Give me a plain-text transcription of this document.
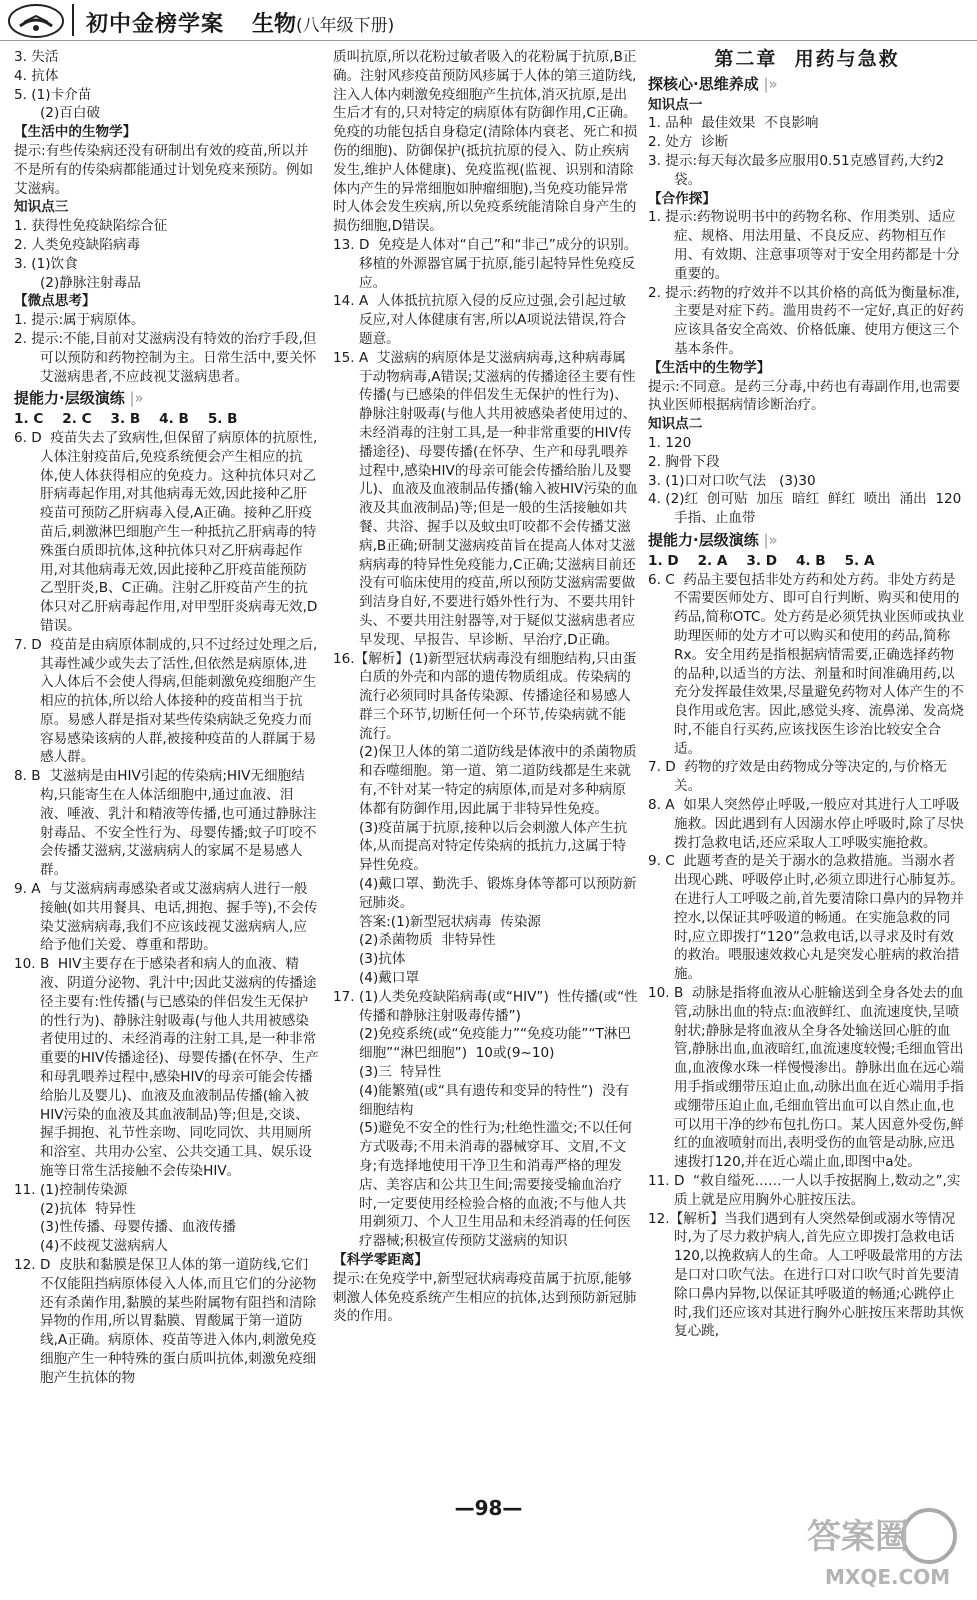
初中金榜学案 生物(八年级下册)
3. 失活
4. 抗体
5. (1)卡介苗
(2)百白破
【生活中的生物学】
提示:有些传染病还没有研制出有效的疫苗,所以并不是所有的传染病都能通过计划免疫来预防。例如艾滋病。
知识点三
1. 获得性免疫缺陷综合征
2. 人类免疫缺陷病毒
3. (1)饮食
(2)静脉注射毒品
【微点思考】
1. 提示:属于病原体。
2. 提示:不能,目前对艾滋病没有特效的治疗手段,但可以预防和药物控制为主。日常生活中,要关怀艾滋病患者,不应歧视艾滋病患者。
提能力·层级演练 |»
1. C    2. C    3. B    4. B    5. B
6. D  疫苗失去了致病性,但保留了病原体的抗原性,人体注射疫苗后,免疫系统便会产生相应的抗体,使人体获得相应的免疫力。这种抗体只对乙肝病毒起作用,对其他病毒无效,因此接种乙肝疫苗可预防乙肝病毒入侵,A正确。接种乙肝疫苗后,刺激淋巴细胞产生一种抵抗乙肝病毒的特殊蛋白质即抗体,这种抗体只对乙肝病毒起作用,对其他病毒无效,因此接种乙肝疫苗能预防乙型肝炎,B、C正确。注射乙肝疫苗产生的抗体只对乙肝病毒起作用,对甲型肝炎病毒无效,D错误。
7. D  疫苗是由病原体制成的,只不过经过处理之后,其毒性减少或失去了活性,但依然是病原体,进入人体后不会使人得病,但能刺激免疫细胞产生相应的抗体,所以给人体接种的疫苗相当于抗原。易感人群是指对某些传染病缺乏免疫力而容易感染该病的人群,被接种疫苗的人群属于易感人群。
8. B  艾滋病是由HIV引起的传染病;HIV无细胞结构,只能寄生在人体活细胞中,通过血液、泪液、唾液、乳汁和精液等传播,也可通过静脉注射毒品、不安全性行为、母婴传播;蚊子叮咬不会传播艾滋病,艾滋病病人的家属不是易感人群。
9. A  与艾滋病病毒感染者或艾滋病病人进行一般接触(如共用餐具、电话,拥抱、握手等),不会传染艾滋病病毒,我们不应该歧视艾滋病病人,应给予他们关爱、尊重和帮助。
10. B  HIV主要存在于感染者和病人的血液、精液、阴道分泌物、乳汁中;因此艾滋病的传播途径主要有:性传播(与已感染的伴侣发生无保护的性行为)、静脉注射吸毒(与他人共用被感染者使用过的、未经消毒的注射工具,是一种非常重要的HIV传播途径)、母婴传播(在怀孕、生产和母乳喂养过程中,感染HIV的母亲可能会传播给胎儿及婴儿)、血液及血液制品传播(输入被HIV污染的血液及其血液制品)等;但是,交谈、握手拥抱、礼节性亲吻、同吃同饮、共用厕所和浴室、共用办公室、公共交通工具、娱乐设施等日常生活接触不会传染HIV。
11. (1)控制传染源
(2)抗体  特异性
(3)性传播、母婴传播、血液传播
(4)不歧视艾滋病病人
12. D  皮肤和黏膜是保卫人体的第一道防线,它们不仅能阻挡病原体侵入人体,而且它们的分泌物还有杀菌作用,黏膜的某些附属物有阻挡和清除异物的作用,所以胃黏膜、胃酸属于第一道防线,A正确。病原体、疫苗等进入体内,刺激免疫细胞产生一种特殊的蛋白质叫抗体,刺激免疫细胞产生抗体的物
质叫抗原,所以花粉过敏者吸入的花粉属于抗原,B正确。注射风疹疫苗预防风疹属于人体的第三道防线,注入人体内刺激免疫细胞产生抗体,消灭抗原,是出生后才有的,只对特定的病原体有防御作用,C正确。免疫的功能包括自身稳定(清除体内衰老、死亡和损伤的细胞)、防御保护(抵抗抗原的侵入、防止疾病发生,维护人体健康)、免疫监视(监视、识别和清除体内产生的异常细胞如肿瘤细胞),当免疫功能异常时人体会发生疾病,所以免疫系统能清除自身产生的损伤细胞,D错误。
13. D  免疫是人体对“自己”和“非己”成分的识别。移植的外源器官属于抗原,能引起特异性免疫反应。
14. A  人体抵抗抗原入侵的反应过强,会引起过敏反应,对人体健康有害,所以A项说法错误,符合题意。
15. A  艾滋病的病原体是艾滋病病毒,这种病毒属于动物病毒,A错误;艾滋病的传播途径主要有性传播(与已感染的伴侣发生无保护的性行为)、静脉注射吸毒(与他人共用被感染者使用过的、未经消毒的注射工具,是一种非常重要的HIV传播途径)、母婴传播(在怀孕、生产和母乳喂养过程中,感染HIV的母亲可能会传播给胎儿及婴儿)、血液及血液制品传播(输入被HIV污染的血液及其血液制品)等;但是一般的生活接触如共餐、共浴、握手以及蚊虫叮咬都不会传播艾滋病,B正确;研制艾滋病疫苗旨在提高人体对艾滋病病毒的特异性免疫能力,C正确;艾滋病目前还没有可临床使用的疫苗,所以预防艾滋病需要做到洁身自好,不要进行婚外性行为、不要共用针头、不要共用注射器等,对于疑似艾滋病患者应早发现、早报告、早诊断、早治疗,D正确。
16.【解析】(1)新型冠状病毒没有细胞结构,只由蛋白质的外壳和内部的遗传物质组成。传染病的流行必须同时具备传染源、传播途径和易感人群三个环节,切断任何一个环节,传染病就不能流行。
(2)保卫人体的第二道防线是体液中的杀菌物质和吞噬细胞。第一道、第二道防线都是生来就有,不针对某一特定的病原体,而是对多种病原体都有防御作用,因此属于非特异性免疫。
(3)疫苗属于抗原,接种以后会刺激人体产生抗体,从而提高对特定传染病的抵抗力,这属于特异性免疫。
(4)戴口罩、勤洗手、锻炼身体等都可以预防新冠肺炎。
答案:(1)新型冠状病毒  传染源
(2)杀菌物质  非特异性
(3)抗体
(4)戴口罩
17. (1)人类免疫缺陷病毒(或“HIV”)  性传播(或“性传播和静脉注射吸毒传播”)
(2)免疫系统(或“免疫能力”“免疫功能”“T淋巴细胞”“淋巴细胞”)  10或(9~10)
(3)三  特异性
(4)能繁殖(或“具有遗传和变异的特性”)  没有细胞结构
(5)避免不安全的性行为;杜绝性滥交;不以任何方式吸毒;不用未消毒的器械穿耳、文眉,不文身;有选择地使用干净卫生和消毒严格的理发店、美容店和公共卫生间;需要接受输血治疗时,一定要使用经检验合格的血液;不与他人共用剃须刀、个人卫生用品和未经消毒的任何医疗器械;积极宣传预防艾滋病的知识
【科学零距离】
提示:在免疫学中,新型冠状病毒疫苗属于抗原,能够刺激人体免疫系统产生相应的抗体,达到预防新冠肺炎的作用。
第二章  用药与急救
探核心·思维养成 |»
知识点一
1. 品种  最佳效果  不良影响
2. 处方  诊断
3. 提示:每天每次最多应服用0.51克感冒药,大约2袋。
【合作探】
1. 提示:药物说明书中的药物名称、作用类别、适应症、规格、用法用量、不良反应、药物相互作用、有效期、注意事项等对于安全用药都是十分重要的。
2. 提示:药物的疗效并不以其价格的高低为衡量标准,主要是对症下药。滥用贵药不一定好,真正的好药应该具备安全高效、价格低廉、使用方便这三个基本条件。
【生活中的生物学】
提示:不同意。是药三分毒,中药也有毒副作用,也需要执业医师根据病情诊断治疗。
知识点二
1. 120
2. 胸骨下段
3. (1)口对口吹气法   (3)30
4. (2)红  创可贴  加压  暗红  鲜红  喷出  涌出  120  手指、止血带
提能力·层级演练 |»
1. D    2. A    3. D    4. B    5. A
6. C  药品主要包括非处方药和处方药。非处方药是不需要医师处方、即可自行判断、购买和使用的药品,简称OTC。处方药是必须凭执业医师或执业助理医师的处方才可以购买和使用的药品,简称Rx。安全用药是指根据病情需要,正确选择药物的品种,以适当的方法、剂量和时间准确用药,以充分发挥最佳效果,尽量避免药物对人体产生的不良作用或危害。因此,感觉头疼、流鼻涕、发高烧时,不能自行买药,应该找医生诊治比较安全合适。
7. D  药物的疗效是由药物成分等决定的,与价格无关。
8. A  如果人突然停止呼吸,一般应对其进行人工呼吸施救。因此遇到有人因溺水停止呼吸时,除了尽快拨打急救电话,还应采取人工呼吸实施抢救。
9. C  此题考查的是关于溺水的急救措施。当溺水者出现心跳、呼吸停止时,必须立即进行心肺复苏。在进行人工呼吸之前,首先要清除口鼻内的异物并控水,以保证其呼吸道的畅通。在实施急救的同时,应立即拨打“120”急救电话,以寻求及时有效的救治。喂服速效救心丸是突发心脏病的救治措施。
10. B  动脉是指将血液从心脏输送到全身各处去的血管,动脉出血的特点:血液鲜红、血流速度快,呈喷射状;静脉是将血液从全身各处输送回心脏的血管,静脉出血,血液暗红,血流速度较慢;毛细血管出血,血液像水珠一样慢慢渗出。静脉出血在远心端用手指或绷带压迫止血,动脉出血在近心端用手指或绷带压迫止血,毛细血管出血可以自然止血,也可以用干净的纱布包扎伤口。某人因意外受伤,鲜红的血液喷射而出,表明受伤的血管是动脉,应迅速拨打120,并在近心端止血,即图中a处。
11. D  “救自缢死……一人以手按据胸上,数动之”,实质上就是应用胸外心脏按压法。
12.【解析】当我们遇到有人突然晕倒或溺水等情况时,为了尽力救护病人,首先应立即拨打急救电话120,以挽救病人的生命。人工呼吸最常用的方法是口对口吹气法。在进行口对口吹气时首先要清除口鼻内异物,以保证其呼吸道的畅通;心跳停止时,我们还应该对其进行胸外心脏按压来帮助其恢复心跳,
—98—
答案圈
MXQE.COM
